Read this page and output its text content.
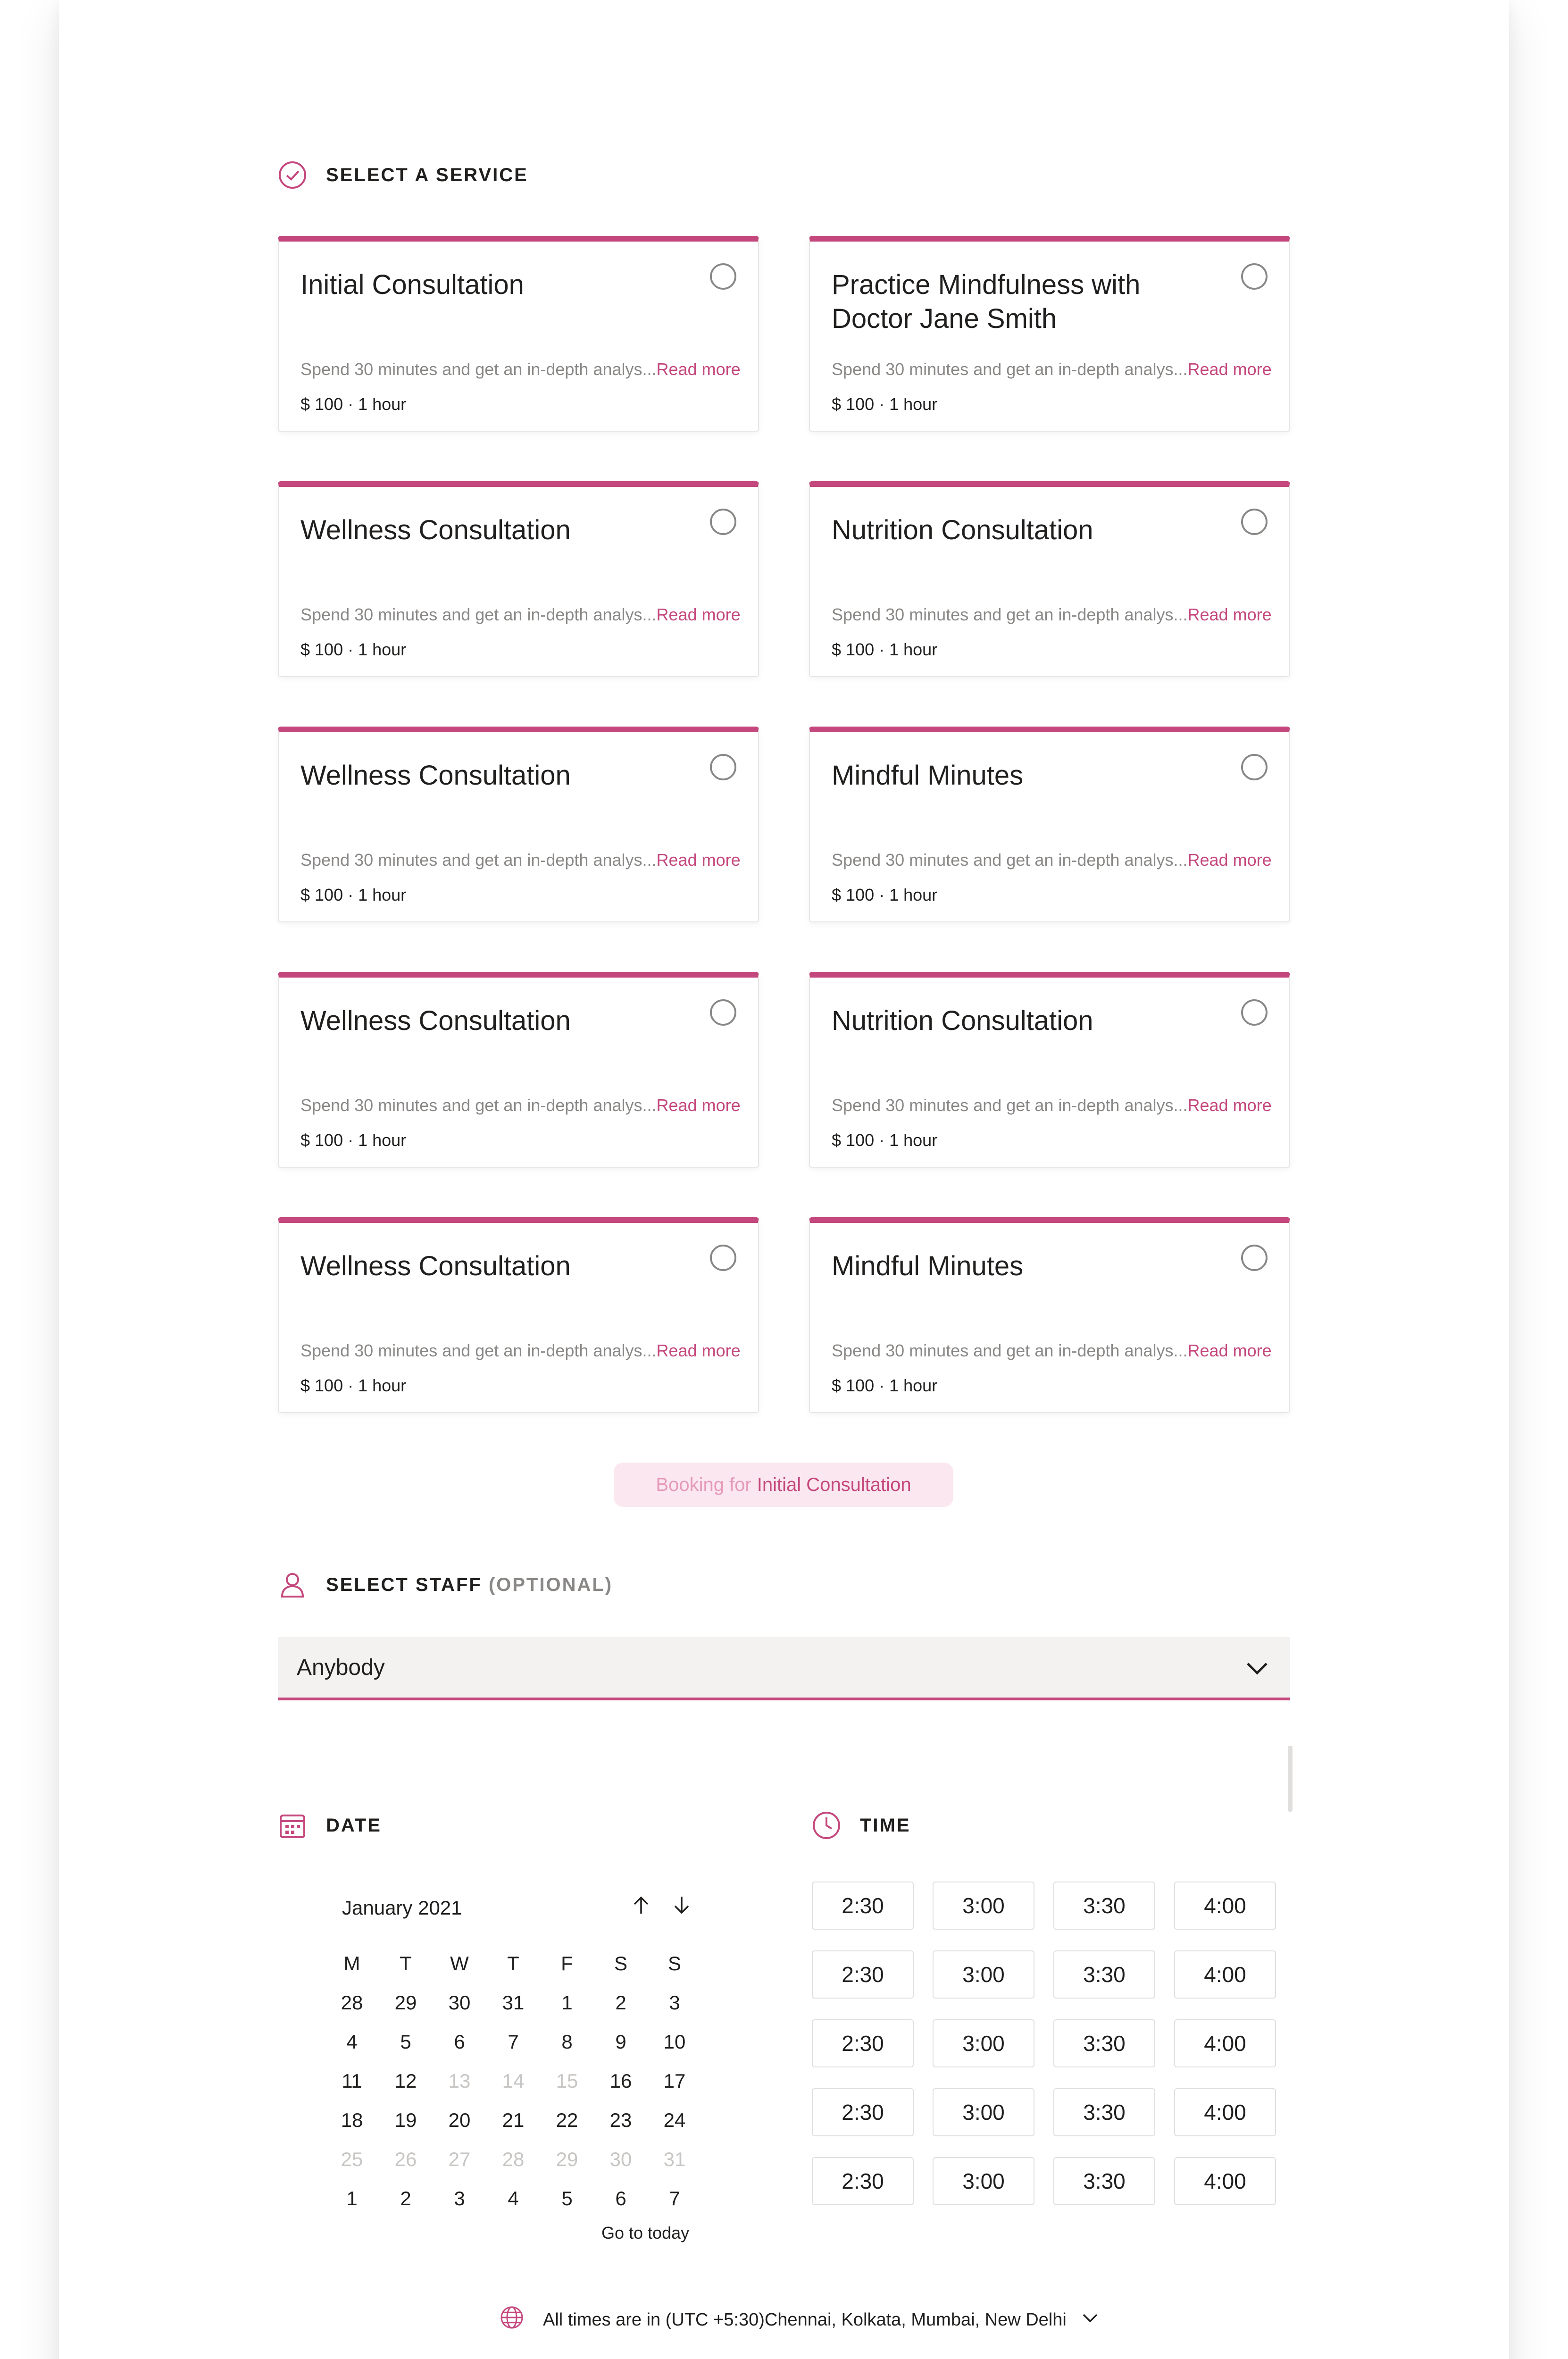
SELECT A SERVICE
Initial Consultation
Spend 30 minutes and get an in-depth analys...Read more
$ 100 · 1 hour
Practice Mindfulness with Doctor Jane Smith
Spend 30 minutes and get an in-depth analys...Read more
$ 100 · 1 hour
Wellness Consultation
Spend 30 minutes and get an in-depth analys...Read more
$ 100 · 1 hour
Nutrition Consultation
Spend 30 minutes and get an in-depth analys...Read more
$ 100 · 1 hour
Wellness Consultation
Spend 30 minutes and get an in-depth analys...Read more
$ 100 · 1 hour
Mindful Minutes
Spend 30 minutes and get an in-depth analys...Read more
$ 100 · 1 hour
Wellness Consultation
Spend 30 minutes and get an in-depth analys...Read more
$ 100 · 1 hour
Nutrition Consultation
Spend 30 minutes and get an in-depth analys...Read more
$ 100 · 1 hour
Wellness Consultation
Spend 30 minutes and get an in-depth analys...Read more
$ 100 · 1 hour
Mindful Minutes
Spend 30 minutes and get an in-depth analys...Read more
$ 100 · 1 hour
Booking for Initial Consultation
SELECT STAFF (OPTIONAL)
Anybody
DATE
January 2021
M	T	W	T	F	S	S
28	29	30	31	1	2	3
4	5	6	7	8	9	10
11	12	13	14	15	16	17
18	19	20	21	22	23	24
25	26	27	28	29	30	31
1	2	3	4	5	6	7
Go to today
TIME
2:30	3:00	3:30	4:00
2:30	3:00	3:30	4:00
2:30	3:00	3:30	4:00
2:30	3:00	3:30	4:00
2:30	3:00	3:30	4:00
All times are in (UTC +5:30)Chennai, Kolkata, Mumbai, New Delhi
